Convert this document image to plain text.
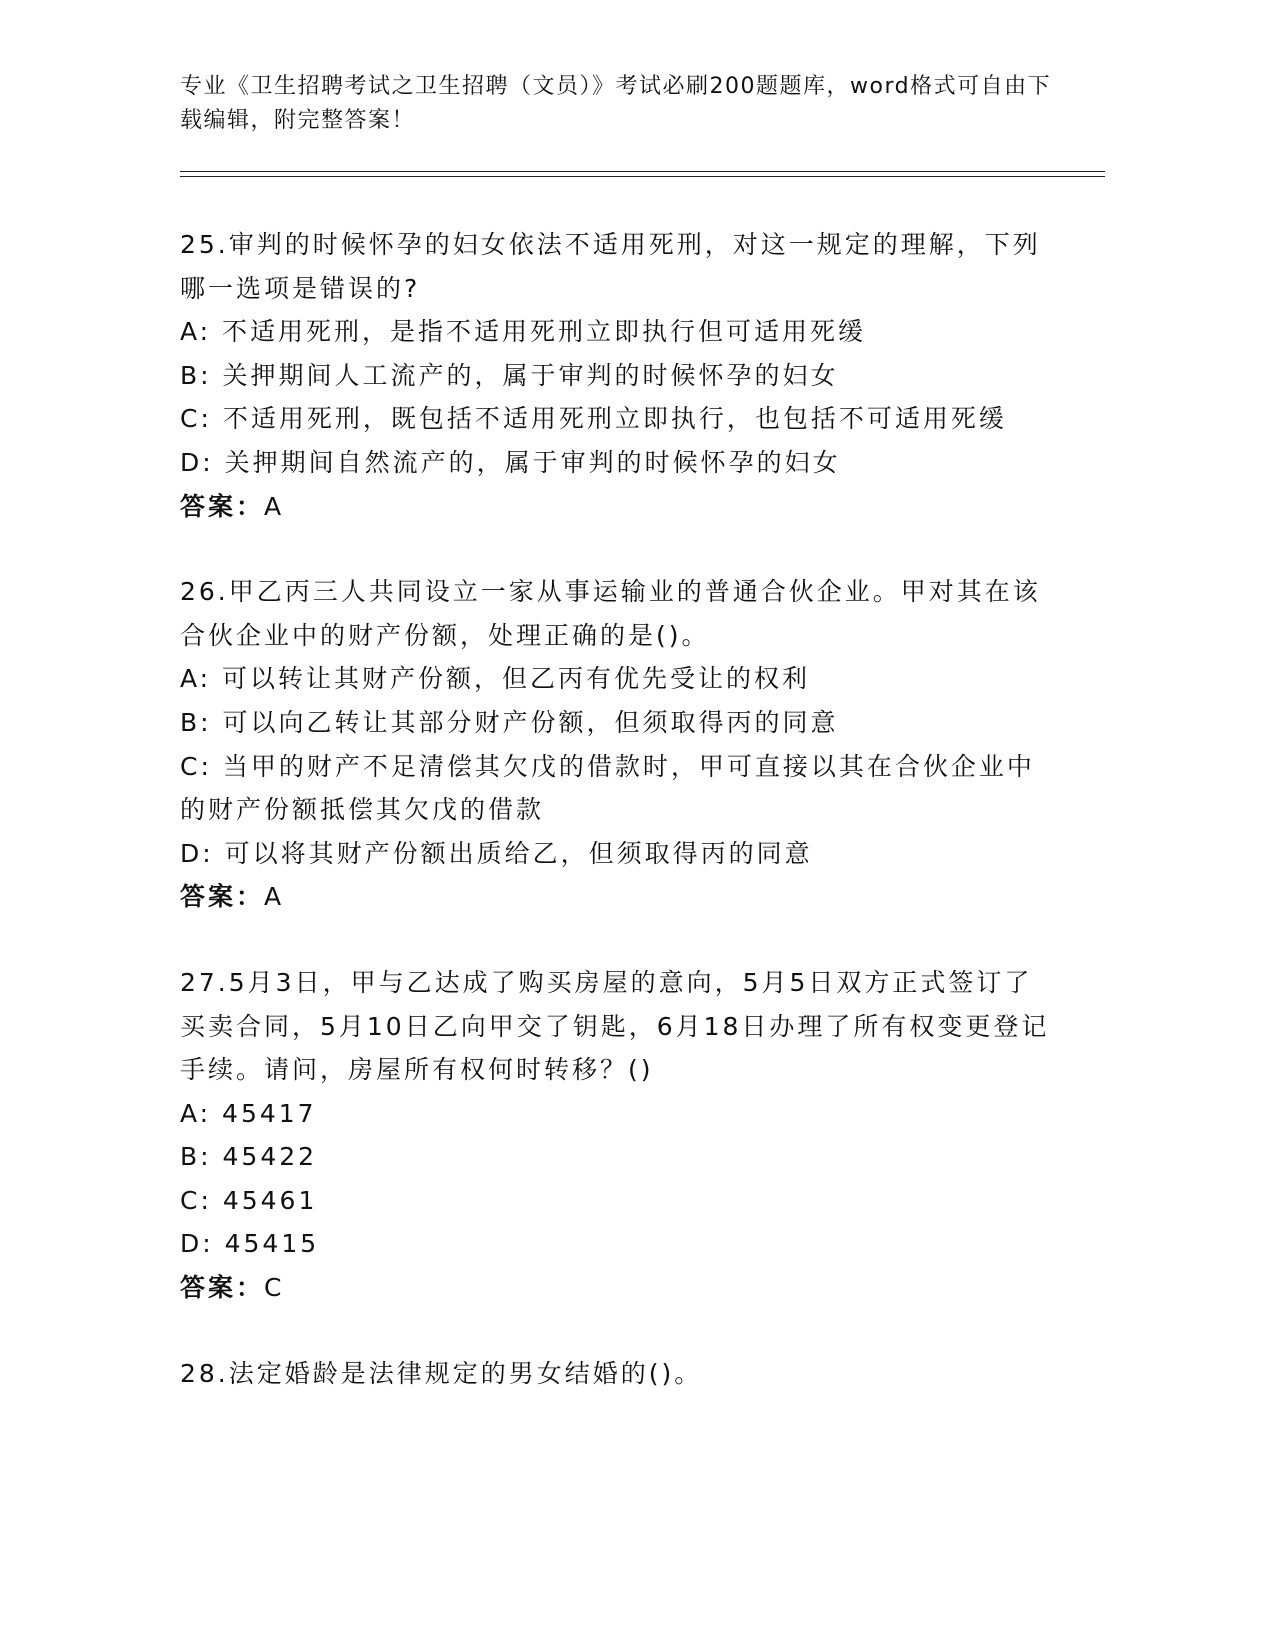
专业《卫生招聘考试之卫生招聘（文员）》考试必刷200题题库，word格式可自由下载编辑，附完整答案！

25.审判的时候怀孕的妇女依法不适用死刑，对这一规定的理解，下列哪一选项是错误的?

A: 不适用死刑，是指不适用死刑立即执行但可适用死缓

B: 关押期间人工流产的，属于审判的时候怀孕的妇女

C: 不适用死刑，既包括不适用死刑立即执行，也包括不可适用死缓

D: 关押期间自然流产的，属于审判的时候怀孕的妇女

答案：A

26.甲乙丙三人共同设立一家从事运输业的普通合伙企业。甲对其在该合伙企业中的财产份额，处理正确的是()。

A: 可以转让其财产份额，但乙丙有优先受让的权利

B: 可以向乙转让其部分财产份额，但须取得丙的同意

C: 当甲的财产不足清偿其欠戊的借款时，甲可直接以其在合伙企业中的财产份额抵偿其欠戊的借款

D: 可以将其财产份额出质给乙，但须取得丙的同意

答案：A

27.5月3日，甲与乙达成了购买房屋的意向，5月5日双方正式签订了买卖合同，5月10日乙向甲交了钥匙，6月18日办理了所有权变更登记手续。请问，房屋所有权何时转移？()

A: 45417

B: 45422

C: 45461

D: 45415

答案：C

28.法定婚龄是法律规定的男女结婚的()。
